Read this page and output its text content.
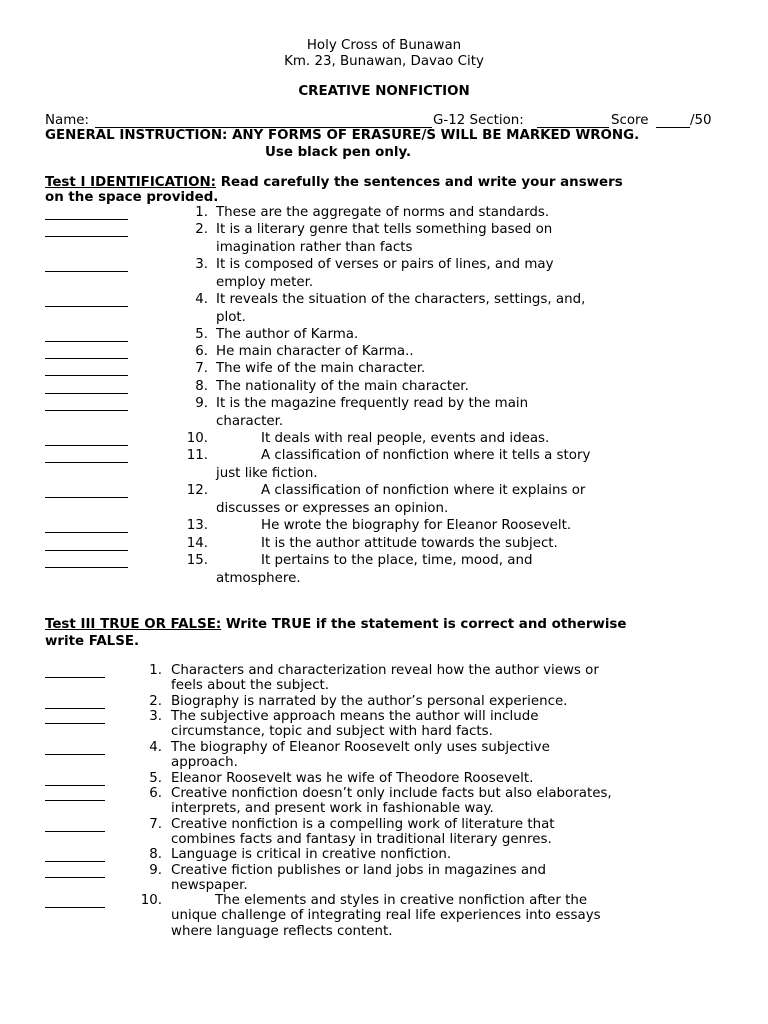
Holy Cross of Bunawan
Km. 23, Bunawan, Davao City
CREATIVE NONFICTION
Name:	G-12 Section:	Score	/50
GENERAL INSTRUCTION: ANY FORMS OF ERASURE/S WILL BE MARKED WRONG.
Use black pen only.
Test I IDENTIFICATION: Read carefully the sentences and write your answers
on the space provided.
1. These are the aggregate of norms and standards.
2. It is a literary genre that tells something based on
imagination rather than facts
3. It is composed of verses or pairs of lines, and may
employ meter.
4. It reveals the situation of the characters, settings, and,
plot.
5. The author of Karma.
6. He main character of Karma..
7. The wife of the main character.
8. The nationality of the main character.
9. It is the magazine frequently read by the main
character.
10.	It deals with real people, events and ideas.
11.	A classification of nonfiction where it tells a story
just like fiction.
12.	A classification of nonfiction where it explains or
discusses or expresses an opinion.
13.	He wrote the biography for Eleanor Roosevelt.
14.	It is the author attitude towards the subject.
15.	It pertains to the place, time, mood, and
atmosphere.
Test III TRUE OR FALSE: Write TRUE if the statement is correct and otherwise
write FALSE.
1. Characters and characterization reveal how the author views or
feels about the subject.
2. Biography is narrated by the author’s personal experience.
3. The subjective approach means the author will include
circumstance, topic and subject with hard facts.
4. The biography of Eleanor Roosevelt only uses subjective
approach.
5. Eleanor Roosevelt was he wife of Theodore Roosevelt.
6. Creative nonfiction doesn’t only include facts but also elaborates,
interprets, and present work in fashionable way.
7. Creative nonfiction is a compelling work of literature that
combines facts and fantasy in traditional literary genres.
8. Language is critical in creative nonfiction.
9. Creative fiction publishes or land jobs in magazines and
newspaper.
10.	The elements and styles in creative nonfiction after the
unique challenge of integrating real life experiences into essays
where language reflects content.
